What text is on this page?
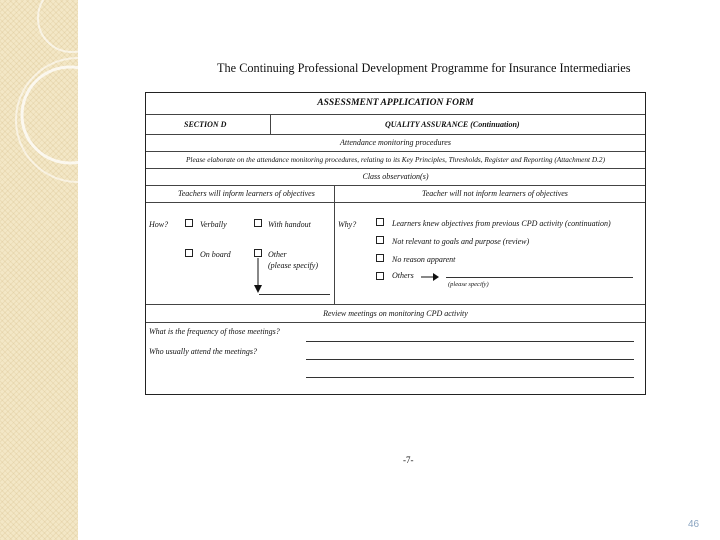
The Continuing Professional Development Programme for Insurance Intermediaries
ASSESSMENT APPLICATION FORM
SECTION D	QUALITY ASSURANCE (Continuation)
Attendance monitoring procedures
Please elaborate on the attendance monitoring procedures, relating to its Key Principles, Thresholds, Register and Reporting (Attachment D.2)
Class observation(s)
Teachers will inform learners of objectives	Teacher will not inform learners of objectives
How?	Verbally	With handout
On board	Other
(please specify)
Why?	Learners knew objectives from previous CPD activity (continuation)
Not relevant to goals and purpose (review)
No reason apparent
Others
(please specify)
Review meetings on monitoring CPD activity
What is the frequency of those meetings?
Who usually attend the meetings?
-7-
46
